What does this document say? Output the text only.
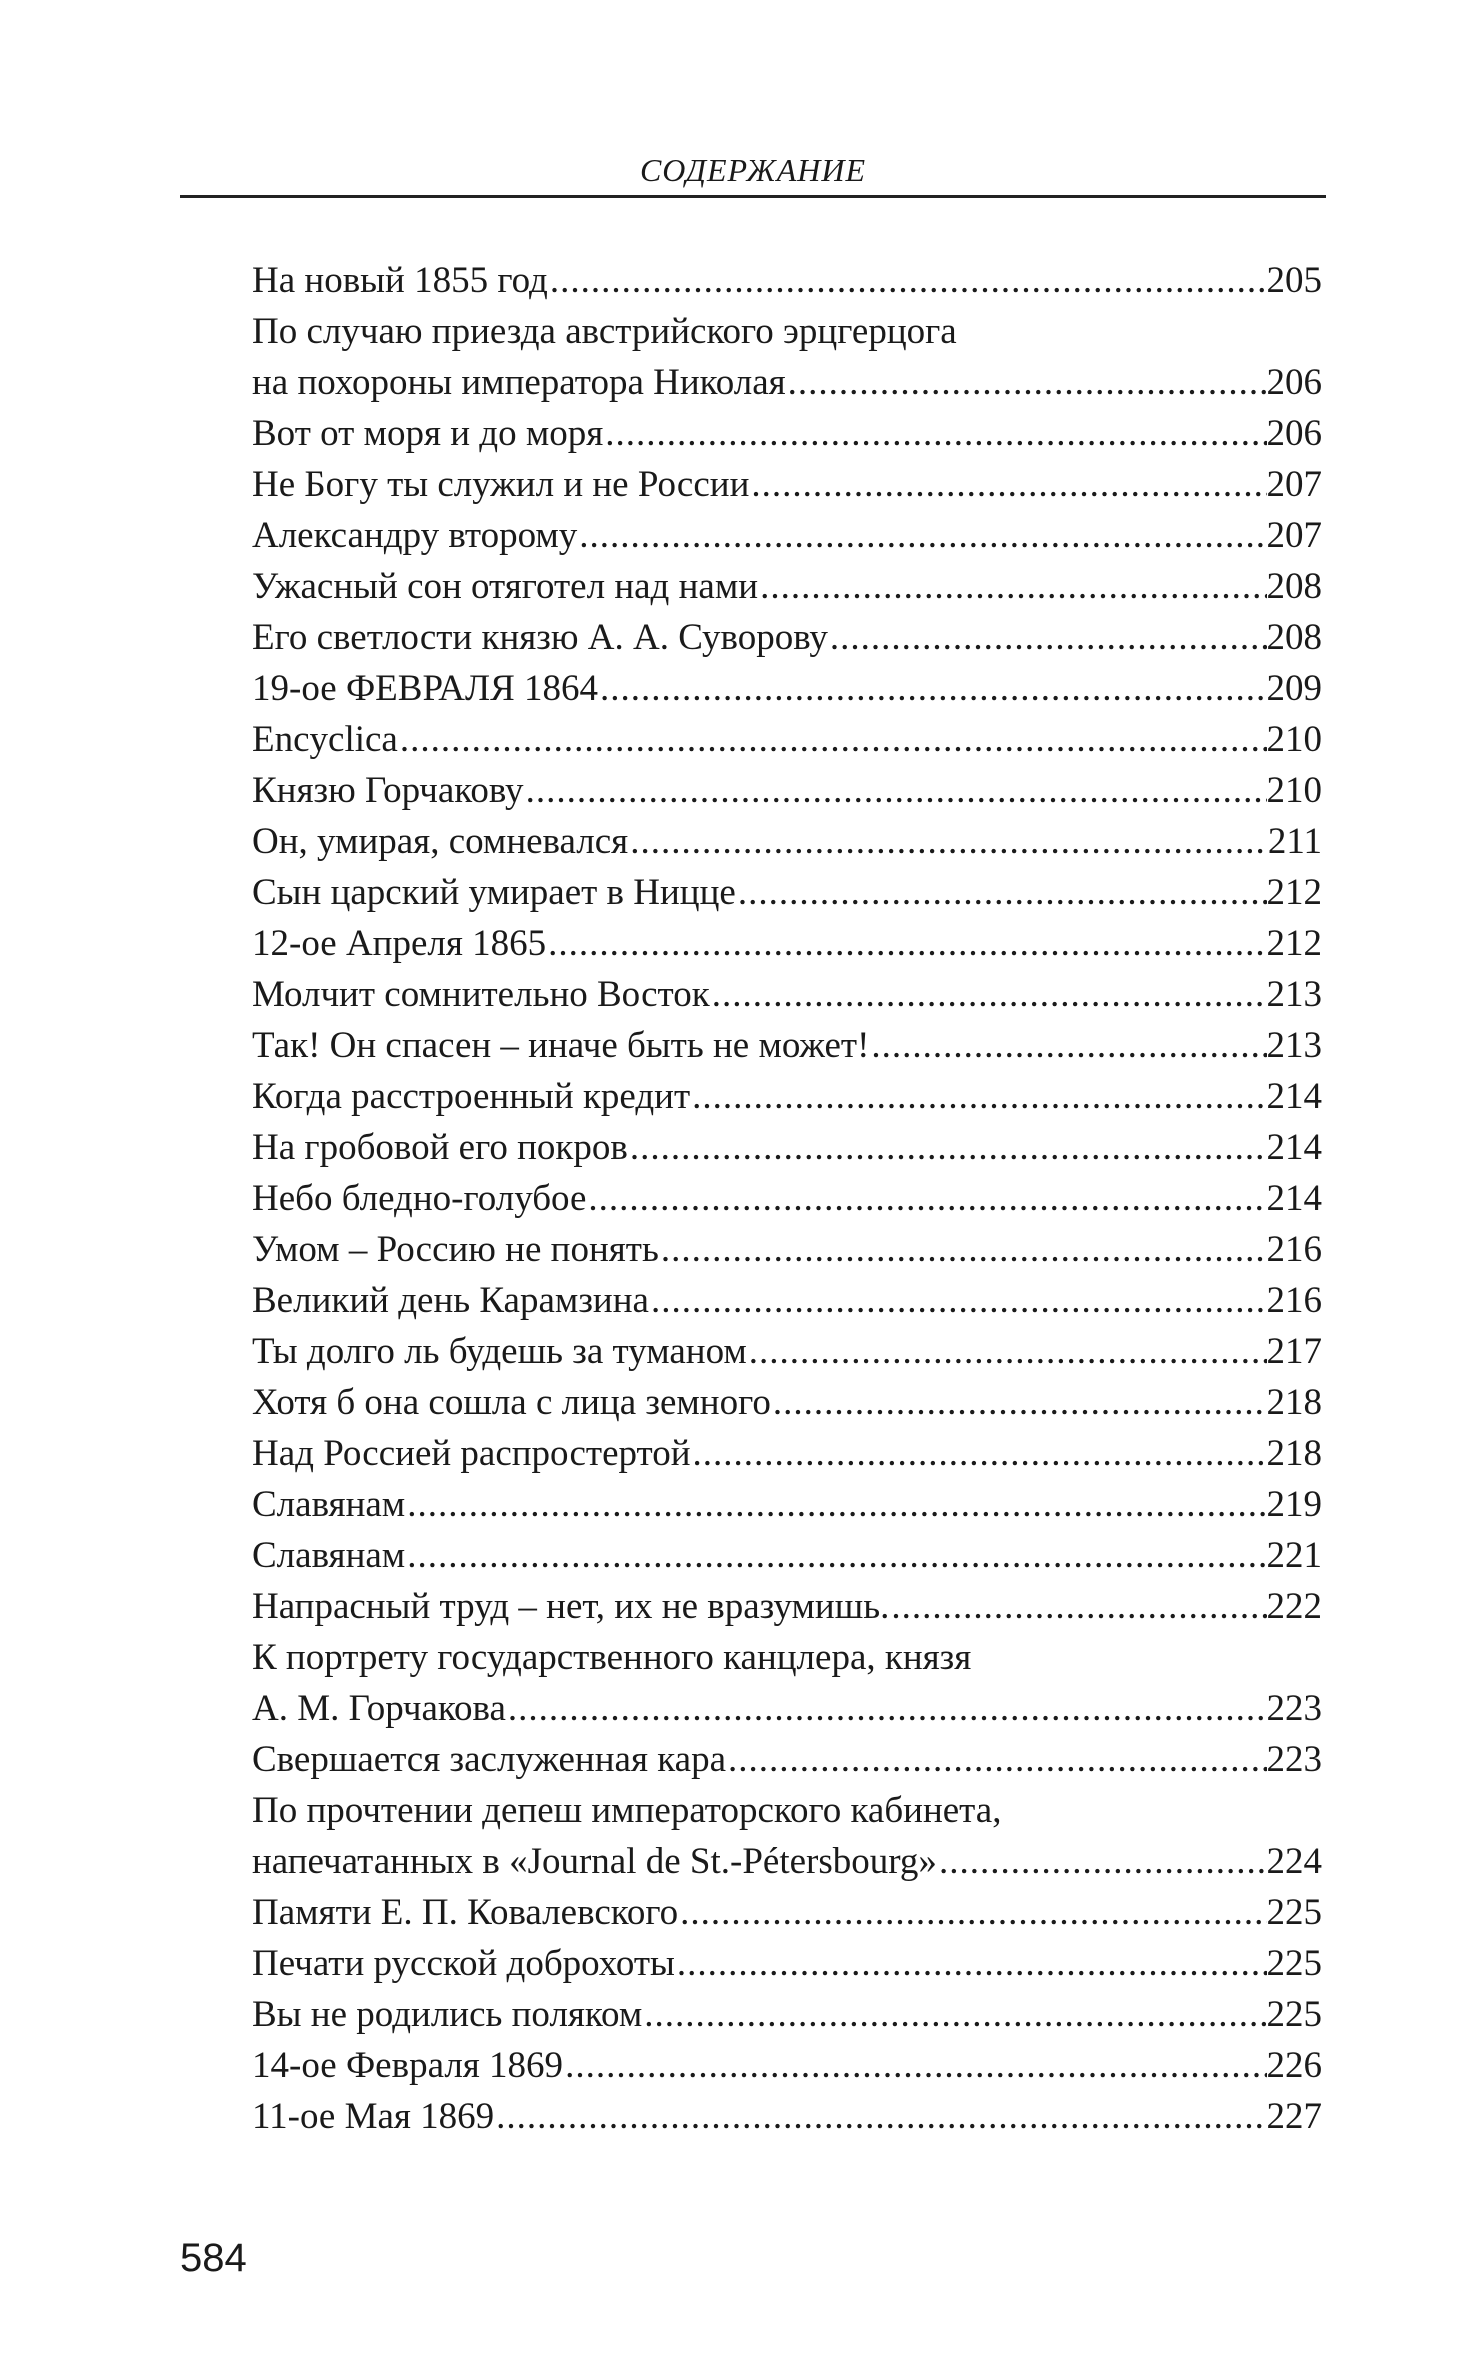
СОДЕРЖАНИЕ
На новый 1855 год .....	205
По случаю приезда австрийского эрцгерцога
на похороны императора Николая .....	206
Вот от моря и до моря .....	206
Не Богу ты служил и не России .....	207
Александру второму .....	207
Ужасный сон отяготел над нами .....	208
Его светлости князю А. А. Суворову .....	208
19-ое ФЕВРАЛЯ 1864 .....	209
Encyclica .....	210
Князю Горчакову .....	210
Он, умирая, сомневался .....	211
Сын царский умирает в Ницце .....	212
12-ое Апреля 1865 .....	212
Молчит сомнительно Восток .....	213
Так! Он спасен – иначе быть не может! .....	213
Когда расстроенный кредит .....	214
На гробовой его покров .....	214
Небо бледно-голубое .....	214
Умом – Россию не понять .....	216
Великий день Карамзина .....	216
Ты долго ль будешь за туманом .....	217
Хотя б она сошла с лица земного .....	218
Над Россией распростертой .....	218
Славянам .....	219
Славянам .....	221
Напрасный труд – нет, их не вразумишь. .....	222
К портрету государственного канцлера, князя
А. М. Горчакова .....	223
Свершается заслуженная кара .....	223
По прочтении депеш императорского кабинета,
напечатанных в «Journal de St.-Pétersbourg» .....	224
Памяти Е. П. Ковалевского .....	225
Печати русской доброхоты .....	225
Вы не родились поляком .....	225
14-ое Февраля 1869 .....	226
11-ое Мая 1869 .....	227
584
